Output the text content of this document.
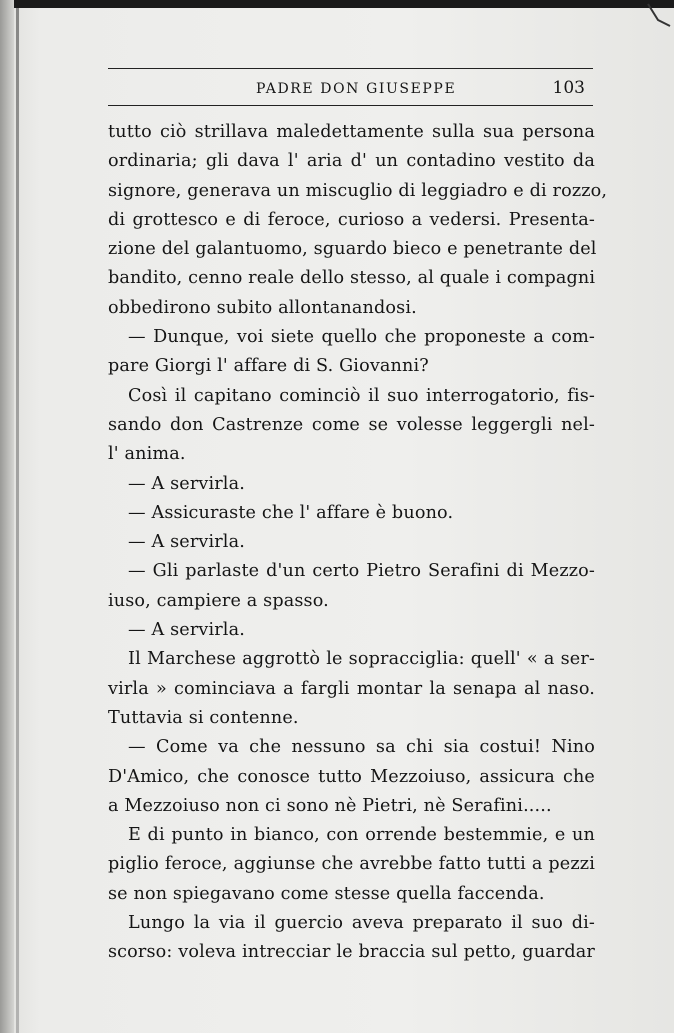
PADRE DON GIUSEPPE	103
tutto ciò strillava maledettamente sulla sua persona
ordinaria; gli dava l' aria d' un contadino vestito da
signore, generava un miscuglio di leggiadro e di rozzo,
di grottesco e di feroce, curioso a vedersi. Presenta-
zione del galantuomo, sguardo bieco e penetrante del
bandito, cenno reale dello stesso, al quale i compagni
obbedirono subito allontanandosi.
— Dunque, voi siete quello che proponeste a com-
pare Giorgi l' affare di S. Giovanni?
Così il capitano cominciò il suo interrogatorio, fis-
sando don Castrenze come se volesse leggergli nel-
l' anima.
— A servirla.
— Assicuraste che l' affare è buono.
— A servirla.
— Gli parlaste d'un certo Pietro Serafini di Mezzo-
iuso, campiere a spasso.
— A servirla.
Il Marchese aggrottò le sopracciglia: quell' « a ser-
virla » cominciava a fargli montar la senapa al naso.
Tuttavia si contenne.
— Come va che nessuno sa chi sia costui! Nino
D'Amico, che conosce tutto Mezzoiuso, assicura che
a Mezzoiuso non ci sono nè Pietri, nè Serafini.....
E di punto in bianco, con orrende bestemmie, e un
piglio feroce, aggiunse che avrebbe fatto tutti a pezzi
se non spiegavano come stesse quella faccenda.
Lungo la via il guercio aveva preparato il suo di-
scorso: voleva intrecciar le braccia sul petto, guardar
